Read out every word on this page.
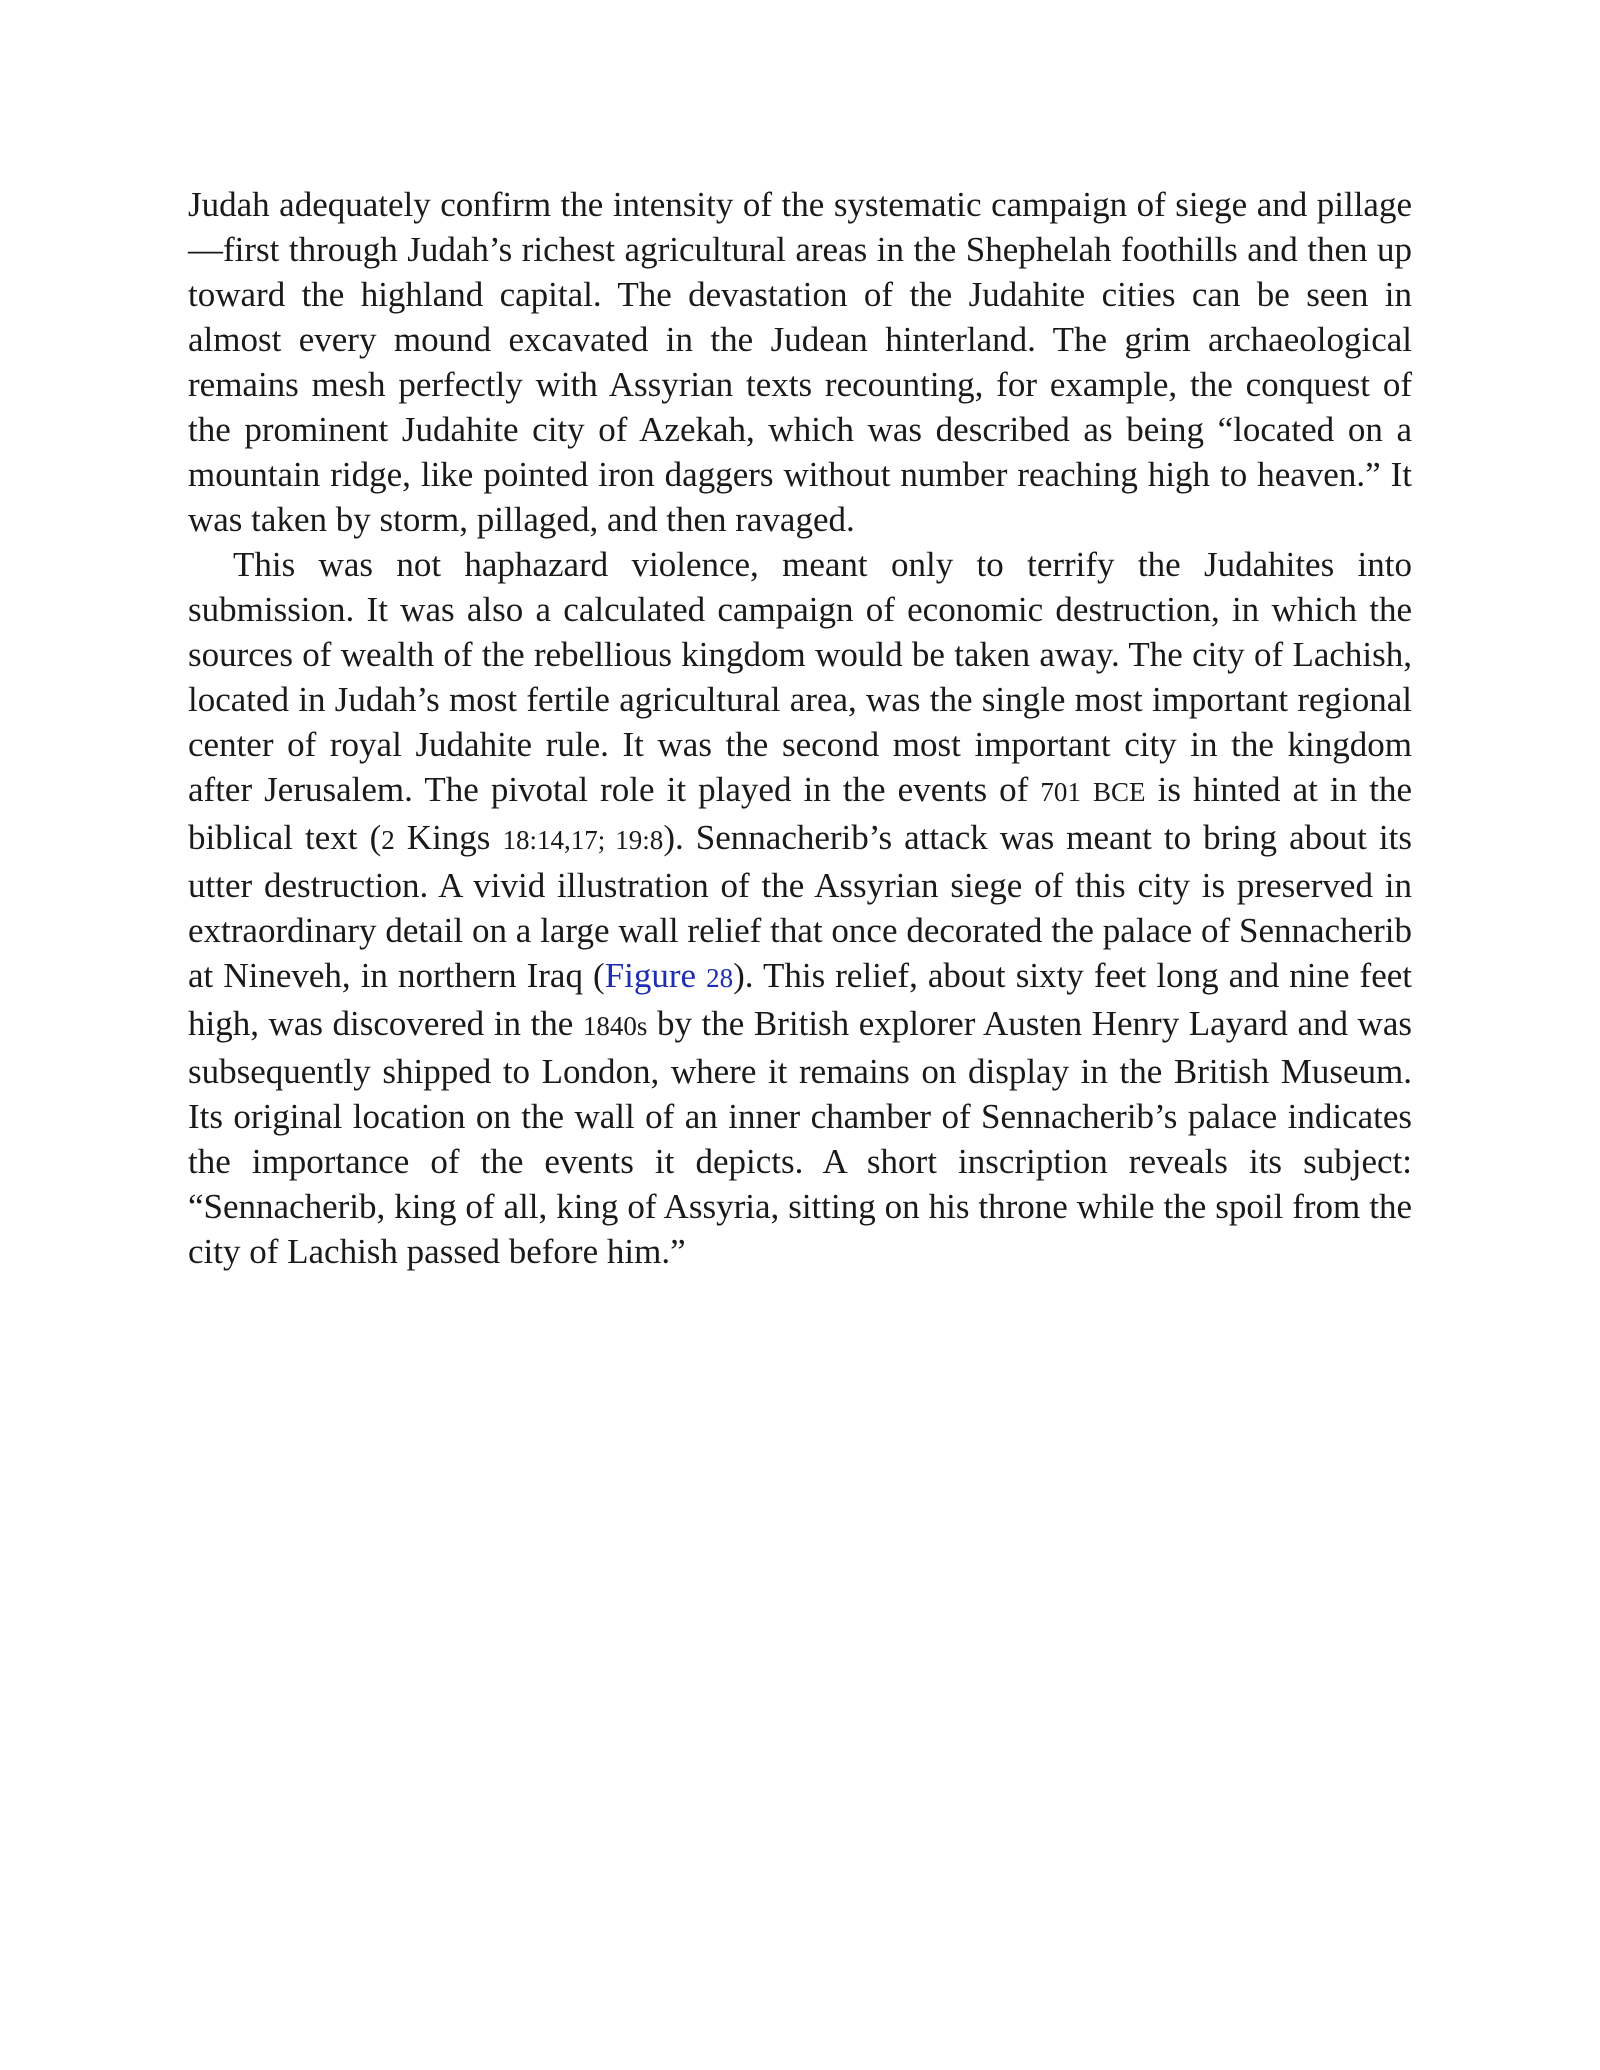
Judah adequately confirm the intensity of the systematic campaign of siege and pillage—first through Judah’s richest agricultural areas in the Shephelah foothills and then up toward the highland capital. The devastation of the Judahite cities can be seen in almost every mound excavated in the Judean hinterland. The grim archaeological remains mesh perfectly with Assyrian texts recounting, for example, the conquest of the prominent Judahite city of Azekah, which was described as being “located on a mountain ridge, like pointed iron daggers without number reaching high to heaven.” It was taken by storm, pillaged, and then ravaged.

This was not haphazard violence, meant only to terrify the Judahites into submission. It was also a calculated campaign of economic destruction, in which the sources of wealth of the rebellious kingdom would be taken away. The city of Lachish, located in Judah’s most fertile agricultural area, was the single most important regional center of royal Judahite rule. It was the second most important city in the kingdom after Jerusalem. The pivotal role it played in the events of 701 BCE is hinted at in the biblical text (2 Kings 18:14,17; 19:8). Sennacherib’s attack was meant to bring about its utter destruction. A vivid illustration of the Assyrian siege of this city is preserved in extraordinary detail on a large wall relief that once decorated the palace of Sennacherib at Nineveh, in northern Iraq (Figure 28). This relief, about sixty feet long and nine feet high, was discovered in the 1840s by the British explorer Austen Henry Layard and was subsequently shipped to London, where it remains on display in the British Museum. Its original location on the wall of an inner chamber of Sennacherib’s palace indicates the importance of the events it depicts. A short inscription reveals its subject: “Sennacherib, king of all, king of Assyria, sitting on his throne while the spoil from the city of Lachish passed before him.”
